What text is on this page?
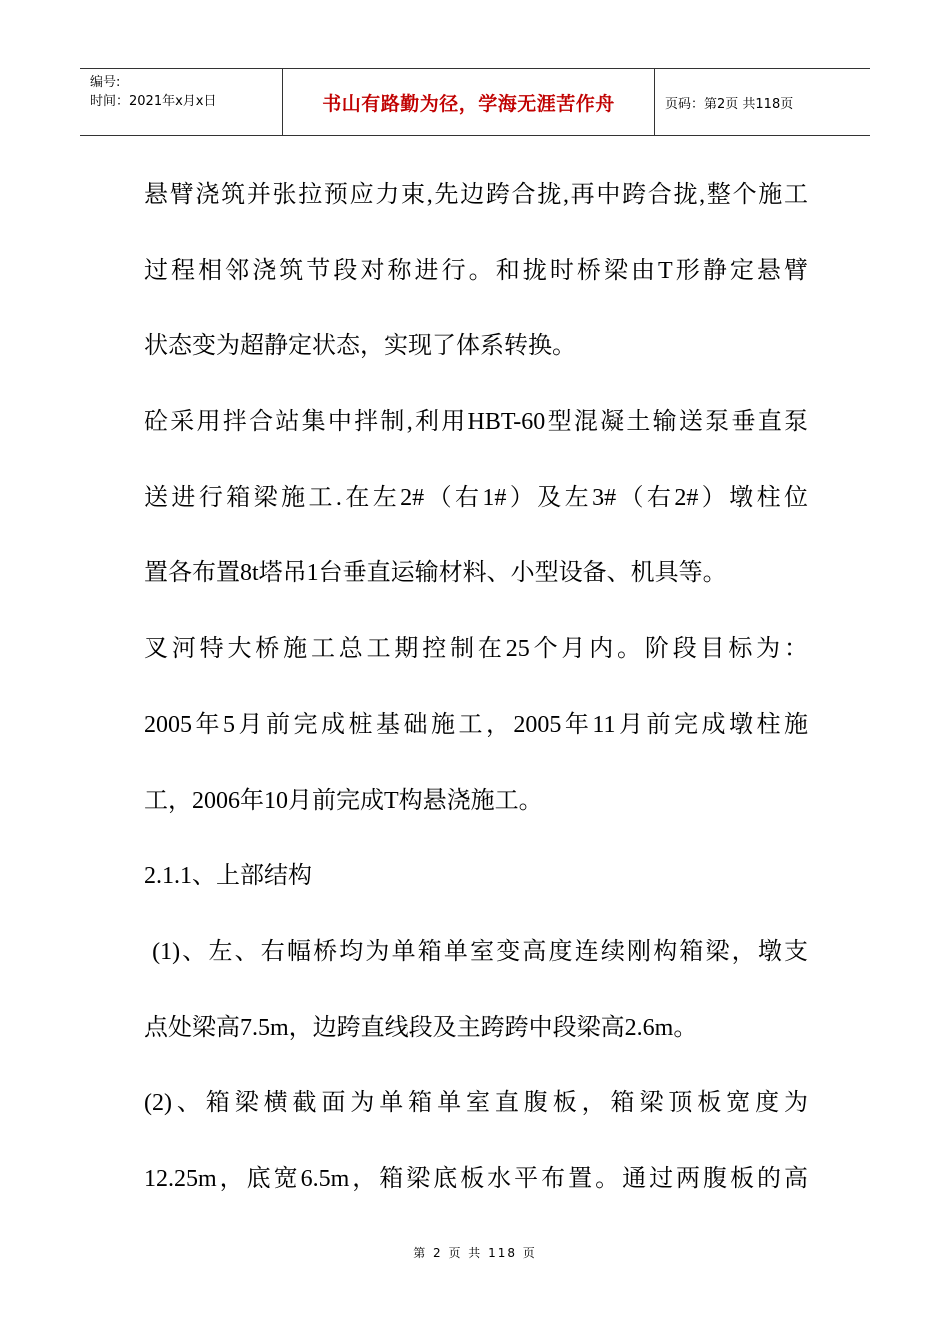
编号:
时间：2021年x月x日	书山有路勤为径，学海无涯苦作舟	页码：第2页 共118页
悬臂浇筑并张拉预应力束,先边跨合拢,再中跨合拢,整个施工
过程相邻浇筑节段对称进行。和拢时桥梁由T形静定悬臂
状态变为超静定状态，实现了体系转换。
砼采用拌合站集中拌制,利用HBT-60型混凝土输送泵垂直泵
送进行箱梁施工.在左2#（右1#）及左3#（右2#）墩柱位
置各布置8t塔吊1台垂直运输材料、小型设备、机具等。
叉河特大桥施工总工期控制在25个月内。阶段目标为：
2005年5月前完成桩基础施工，2005年11月前完成墩柱施
工，2006年10月前完成T构悬浇施工。
2.1.1、上部结构
(1)、左、右幅桥均为单箱单室变高度连续刚构箱梁，墩支
点处梁高7.5m，边跨直线段及主跨跨中段梁高2.6m。
(2)、箱梁横截面为单箱单室直腹板，箱梁顶板宽度为
12.25m，底宽6.5m，箱梁底板水平布置。通过两腹板的高
第 2 页 共 118 页
